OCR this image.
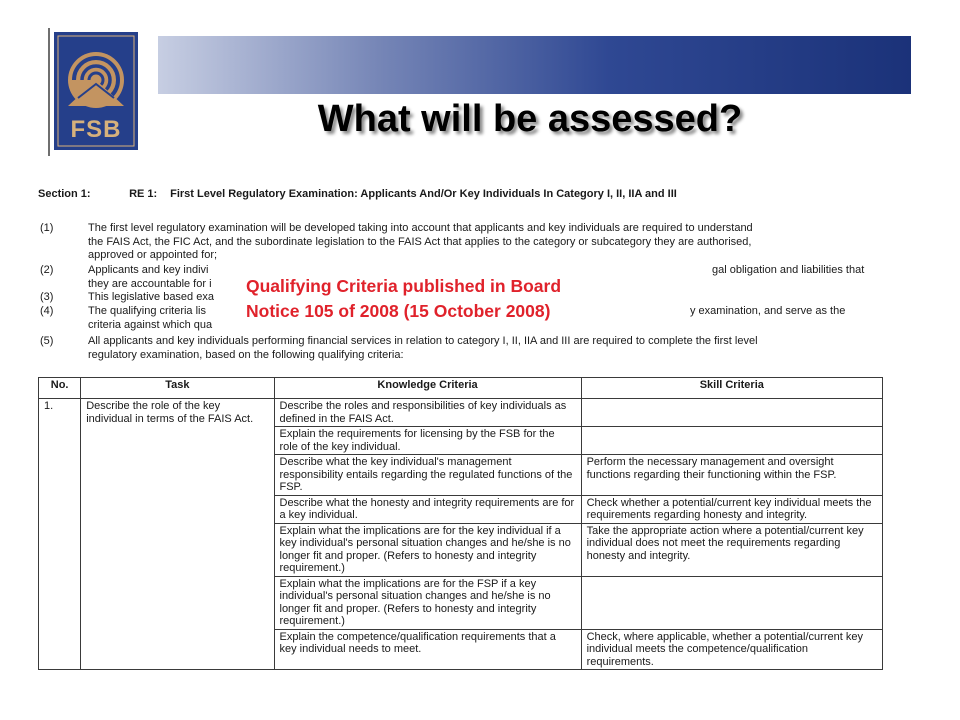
FSB	What will be assessed?
Section 1:	RE 1: First Level Regulatory Examination: Applicants And/Or Key Individuals In Category I, II, IIA and III
(1)	The first level regulatory examination will be developed taking into account that applicants and key individuals are required to understand
the FAIS Act, the FIC Act, and the subordinate legislation to the FAIS Act that applies to the category or subcategory they are authorised,
approved or appointed for;
(2)	Applicants and key indivi
they are accountable for i
gal obligation and liabilities that
(3)	This legislative based exa
(4)	The qualifying criteria lis
criteria against which qua
y examination, and serve as the
(5)	All applicants and key individuals performing financial services in relation to category I, II, IIA and III are required to complete the first level
regulatory examination, based on the following qualifying criteria:
Qualifying Criteria published in Board
Notice 105 of 2008 (15 October 2008)
No.	Task	Knowledge Criteria	Skill Criteria
1.	Describe the role of the key individual in terms of the FAIS Act.	Describe the roles and responsibilities of key individuals as defined in the FAIS Act.	
		Explain the requirements for licensing by the FSB for the role of the key individual.	
		Describe what the key individual's management responsibility entails regarding the regulated functions of the FSP.	Perform the necessary management and oversight functions regarding their functioning within the FSP.
		Describe what the honesty and integrity requirements are for a key individual.	Check whether a potential/current key individual meets the requirements regarding honesty and integrity.
		Explain what the implications are for the key individual if a key individual's personal situation changes and he/she is no longer fit and proper. (Refers to honesty and integrity requirement.)	Take the appropriate action where a potential/current key individual does not meet the requirements regarding honesty and integrity.
		Explain what the implications are for the FSP if a key individual's personal situation changes and he/she is no longer fit and proper. (Refers to honesty and integrity requirement.)	
		Explain the competence/qualification requirements that a key individual needs to meet.	Check, where applicable, whether a potential/current key individual meets the competence/qualification requirements.
